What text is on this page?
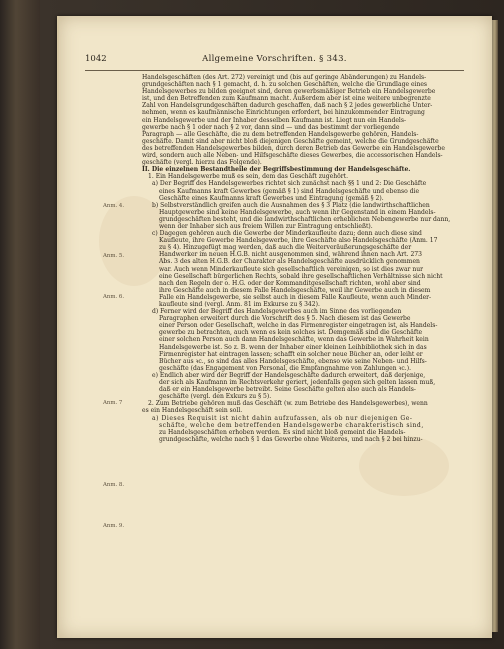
1042	Allgemeine Vorschriften. § 343.
Anm. 4.
Anm. 5.
Anm. 6.
Anm. 7
Anm. 8.
Anm. 9.
Handelsgeschäften (des Art. 272) vereinigt und (bis auf geringe Abänderungen) zu Handels-
grundgeschäften nach § 1 gemacht, d. h. zu solchen Geschäften, welche die Grundlage eines
Handelsgewerbes zu bilden geeignet sind, deren gewerbsmäßiger Betrieb ein Handelsgewerbe
ist, und den Betreffenden zum Kaufmann macht. Außerdem aber ist eine weitere unbegrenzte
Zahl von Handelsgrundgeschäften dadurch geschaffen, daß nach § 2 jedes gewerbliche Unter-
nehmen, wenn es kaufmännische Einrichtungen erfordert, bei hinzukommender Eintragung
ein Handelsgewerbe und der Inhaber desselben Kaufmann ist. Liegt nun ein Handels-
gewerbe nach § 1 oder nach § 2 vor, dann sind — und das bestimmt der vorliegende
Paragraph — alle Geschäfte, die zu dem betreffenden Handelsgewerbe gehören, Handels-
geschäfte. Damit sind aber nicht bloß diejenigen Geschäfte gemeint, welche die Grundgeschäfte
des betreffenden Handelsgewerbes bilden, durch deren Betrieb das Gewerbe ein Handelsgewerbe
wird, sondern auch alle Neben- und Hilfsgeschäfte dieses Gewerbes, die accessorischen Handels-
geschäfte (vergl. hierzu das Folgende).
II. Die einzelnen Bestandtheile der Begriffsbestimmung der Handelsgeschäfte.
1. Ein Handelsgewerbe muß es sein, dem das Geschäft zugehört.
a) Der Begriff des Handelsgewerbes richtet sich zunächst nach §§ 1 und 2: Die Geschäfte
eines Kaufmanns kraft Gewerbes (gemäß § 1) sind Handelsgeschäfte und ebenso die
Geschäfte eines Kaufmanns kraft Gewerbes und Eintragung (gemäß § 2).
b) Selbstverständlich greifen auch die Ausnahmen des § 3 Platz (die landwirthschaftlichen
Hauptgewerbe sind keine Handelsgewerbe, auch wenn ihr Gegenstand in einem Handels-
grundgeschäften besteht, und die landwirthschaftlichen erheblichen Nebengewerbe nur dann,
wenn der Inhaber sich aus freiem Willen zur Eintragung entschließt).
c) Dagegen gehören auch die Gewerbe der Minderkaufleute dazu; denn auch diese sind
Kaufleute, ihre Gewerbe Handelsgewerbe, ihre Geschäfte also Handelsgeschäfte (Anm. 17
zu § 4). Hinzugefügt mag werden, daß auch die Weiterveräußerungsgeschäfte der
Handwerker im neuen H.G.B. nicht ausgenommen sind, während ihnen nach Art. 273
Abs. 3 des alten H.G.B. der Charakter als Handelsgeschäfte ausdrücklich genommen
war. Auch wenn Minderkaufleute sich gesellschaftlich vereinigen, so ist dies zwar nur
eine Gesellschaft bürgerlichen Rechts, sobald ihre gesellschaftlichen Verhältnisse sich nicht
nach den Regeln der o. H.G. oder der Kommanditgesellschaft richten, wohl aber sind
ihre Geschäfte auch in diesem Falle Handelsgeschäfte, weil ihr Gewerbe auch in diesem
Falle ein Handelsgewerbe, sie selbst auch in diesem Falle Kaufleute, wenn auch Minder-
kaufleute sind (vergl. Anm. 81 im Exkurse zu § 342).
d) Ferner wird der Begriff des Handelsgewerbes auch im Sinne des vorliegenden
Paragraphen erweitert durch die Vorschrift des § 5. Nach diesem ist das Gewerbe
einer Person oder Gesellschaft, welche in das Firmenregister eingetragen ist, als Handels-
gewerbe zu betrachten, auch wenn es kein solches ist. Demgemäß sind die Geschäfte
einer solchen Person auch dann Handelsgeschäfte, wenn das Gewerbe in Wahrheit kein
Handelsgewerbe ist. So z. B. wenn der Inhaber einer kleinen Leihbibliothek sich in das
Firmenregister hat eintragen lassen; schafft ein solcher neue Bücher an, oder leiht er
Bücher aus ꝛc., so sind das alles Handelsgeschäfte, ebenso wie seine Neben- und Hilfs-
geschäfte (das Engagement von Personal, die Empfangnahme von Zahlungen ꝛc.).
e) Endlich aber wird der Begriff der Handelsgeschäfte dadurch erweitert, daß derjenige,
der sich als Kaufmann im Rechtsverkehr geriert, jedenfalls gegen sich gelten lassen muß,
daß er ein Handelsgewerbe betreibt. Seine Geschäfte gelten also auch als Handels-
geschäfte (vergl. den Exkurs zu § 5).
2. Zum Betriebe gehören muß das Geschäft (w. zum Betriebe des Handelsgewerbes), wenn
es ein Handelsgeschäft sein soll.
a) Dieses Requisit ist nicht dahin aufzufassen, als ob nur diejenigen Ge-
schäfte, welche dem betreffenden Handelsgewerbe charakteristisch sind,
zu Handelsgeschäften erhoben werden. Es sind nicht bloß gemeint die Handels-
grundgeschäfte, welche nach § 1 das Gewerbe ohne Weiteres, und nach § 2 bei hinzu-
